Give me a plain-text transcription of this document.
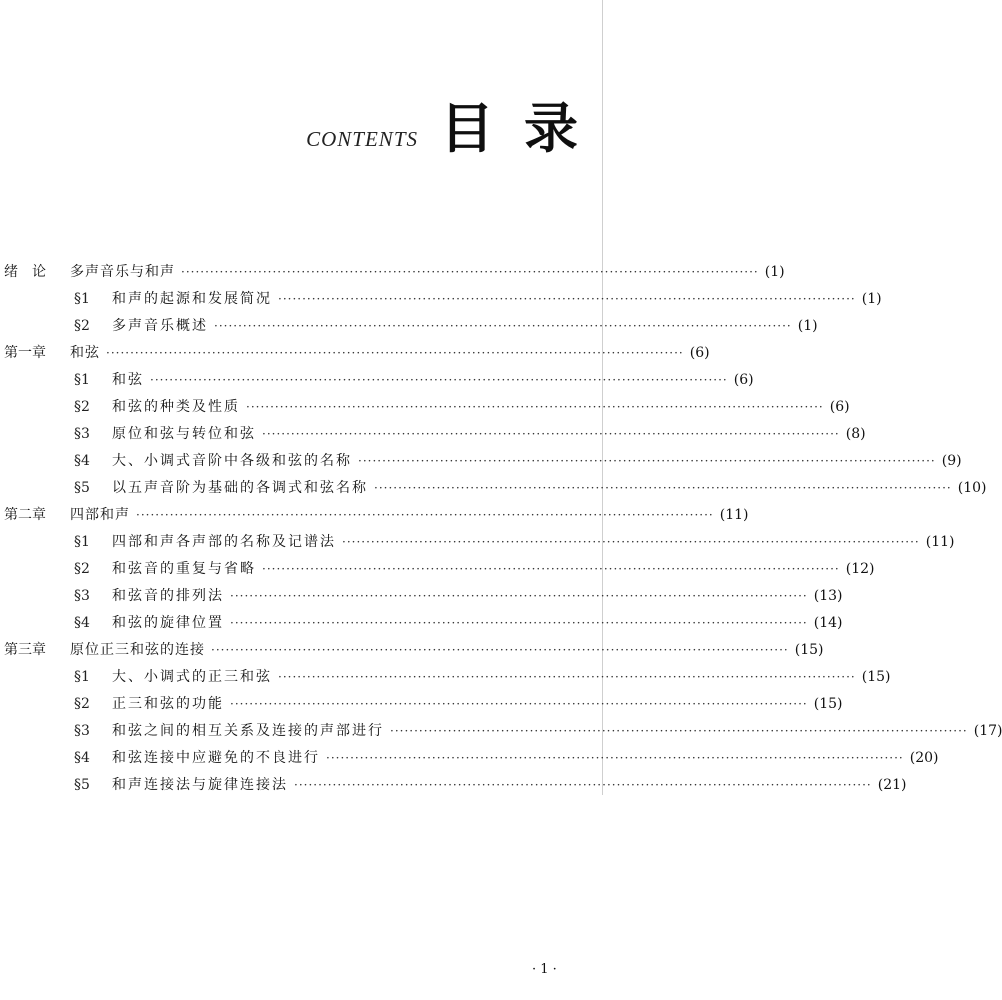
CONTENTS 目录
绪　论 多声音乐与和声 ························································································································ (1)
§1	和声的起源和发展简况 ························································································································ (1)
§2	多声音乐概述 ························································································································ (1)
第一章 和弦 ························································································································ (6)
§1	和弦 ························································································································ (6)
§2	和弦的种类及性质 ························································································································ (6)
§3	原位和弦与转位和弦 ························································································································ (8)
§4	大、小调式音阶中各级和弦的名称 ························································································································ (9)
§5	以五声音阶为基础的各调式和弦名称 ························································································································ (10)
第二章 四部和声 ························································································································ (11)
§1	四部和声各声部的名称及记谱法 ························································································································ (11)
§2	和弦音的重复与省略 ························································································································ (12)
§3	和弦音的排列法 ························································································································ (13)
§4	和弦的旋律位置 ························································································································ (14)
第三章 原位正三和弦的连接 ························································································································ (15)
§1	大、小调式的正三和弦 ························································································································ (15)
§2	正三和弦的功能 ························································································································ (15)
§3	和弦之间的相互关系及连接的声部进行 ························································································································ (17)
§4	和弦连接中应避免的不良进行 ························································································································ (20)
§5	和声连接法与旋律连接法 ························································································································ (21)
· 1 ·
